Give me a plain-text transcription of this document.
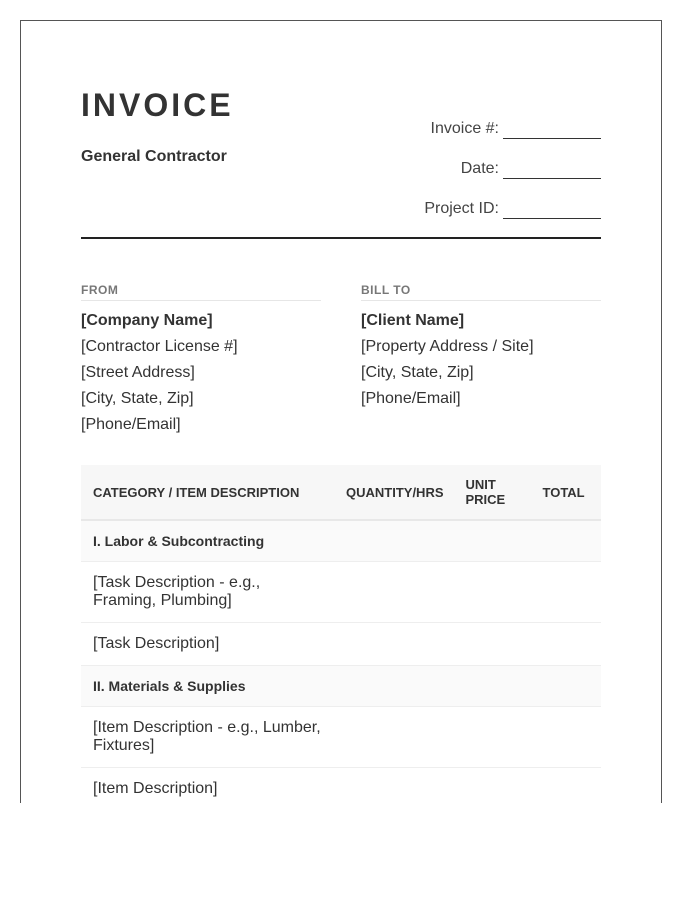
INVOICE
General Contractor
Invoice #:
Date:
Project ID:
FROM
[Company Name]
[Contractor License #]
[Street Address]
[City, State, Zip]
[Phone/Email]
BILL TO
[Client Name]
[Property Address / Site]
[City, State, Zip]
[Phone/Email]
CATEGORY / ITEM DESCRIPTION	QUANTITY/HRS	UNIT PRICE	TOTAL
I. Labor & Subcontracting			
[Task Description - e.g., Framing, Plumbing]			
[Task Description]			
II. Materials & Supplies			
[Item Description - e.g., Lumber, Fixtures]			
[Item Description]			
